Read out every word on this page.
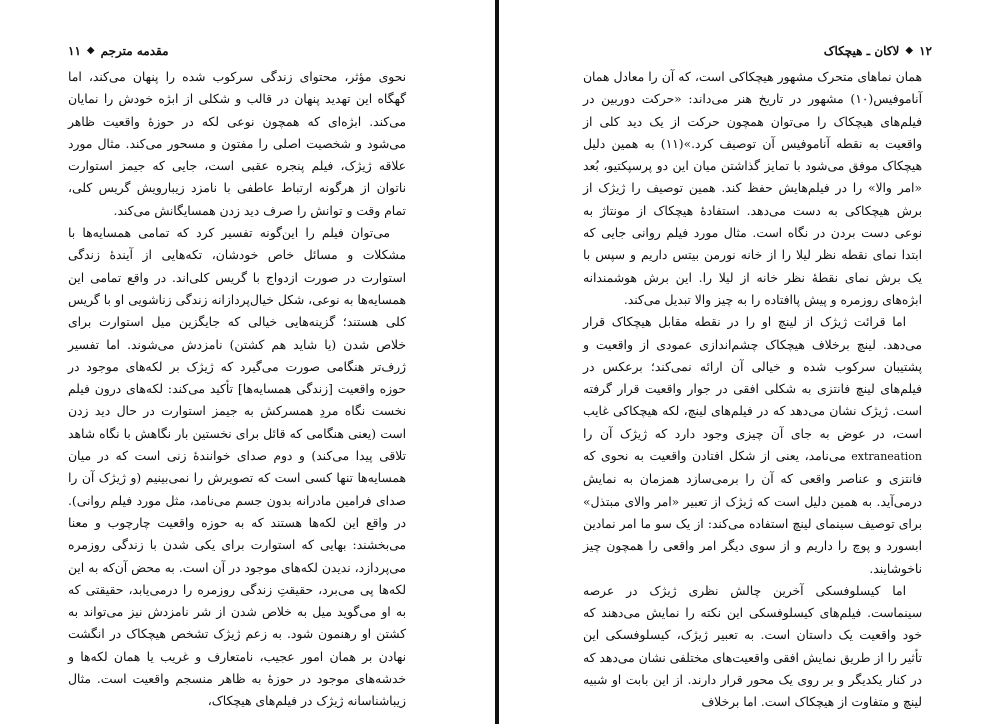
مقدمه مترجم
◆
۱۱

نحوی مؤثر، محتوای زندگی سرکوب شده را پنهان می‌کند، اما گهگاه این تهدید پنهان در قالب و شکلی از ابژه خودش را نمایان می‌کند. ابژه‌ای که همچون نوعی لکه در حوزهٔ واقعیت ظاهر می‌شود و شخصیت اصلی را مفتون و مسحور می‌کند. مثال مورد علاقه ژیژک، فیلم پنجره عقبی است، جایی که جیمز استوارت ناتوان از هرگونه ارتباط عاطفی با نامزد زیبارویش گریس کلی، تمام وقت و توانش را صرف دید زدن همسایگانش می‌کند.

می‌توان فیلم را این‌گونه تفسیر کرد که تمامی همسایه‌ها با مشکلات و مسائل خاص خودشان، تکه‌هایی از آیندهٔ زندگی استوارت در صورت ازدواج با گریس کلی‌اند. در واقع تمامی این همسایه‌ها به نوعی، شکل خیال‌پردازانه زندگی زناشویی او با گریس کلی هستند؛ گزینه‌هایی خیالی که جایگزین میل استوارت برای خلاص شدن (یا شاید هم کشتن) نامزدش می‌شوند. اما تفسیر ژرف‌تر هنگامی صورت می‌گیرد که ژیژک بر لکه‌های موجود در حوزه واقعیت [زندگی همسایه‌ها] تأکید می‌کند: لکه‌های درون فیلم نخست نگاه مردِ همسرکش به جیمز استوارت در حال دید زدن است (یعنی هنگامی که قائل برای نخستین بار نگاهش با نگاه شاهد تلاقی پیدا می‌کند) و دوم صدای خوانندهٔ زنی است که در میان همسایه‌ها تنها کسی است که تصویرش را نمی‌بینیم (و ژیژک آن را صدای فرامین مادرانه بدون جسم می‌نامد، مثل مورد فیلم روانی). در واقع این لکه‌ها هستند که به حوزه واقعیت چارچوب و معنا می‌بخشند: بهایی که استوارت برای یکی شدن با زندگی روزمره می‌پردازد، ندیدن لکه‌های موجود در آن است. به محض آن‌که به این لکه‌ها پی می‌برد، حقیقتِ زندگی روزمره را درمی‌یابد، حقیقتی که به او می‌گوید میل به خلاص شدن از شر نامزدش نیز می‌تواند به کشتن او رهنمون شود. به زعم ژیژک تشخص هیچکاک در انگشت نهادن بر همان امور عجیب، نامتعارف و غریب یا همان لکه‌ها و خدشه‌های موجود در حوزهٔ به ظاهر منسجم واقعیت است. مثال زیباشناسانه ژیژک در فیلم‌های هیچکاک،

۱۲
◆
لاکان ـ هیچکاک

همان نماهای متحرک مشهور هیچکاکی است، که آن را معادل همان آناموفیس(۱۰) مشهور در تاریخ هنر می‌داند: «حرکت دوربین در فیلم‌های هیچکاک را می‌توان همچون حرکت از یک دید کلی از واقعیت به نقطه آناموفیس آن توصیف کرد.»(۱۱) به همین دلیل هیچکاک موفق می‌شود با تمایز گذاشتن میان این دو پرسپکتیو، بُعد «امر والا» را در فیلم‌هایش حفظ کند. همین توصیف را ژیژک از برش هیچکاکی به دست می‌دهد. استفادهٔ هیچکاک از مونتاژ به نوعی دست بردن در نگاه است. مثال مورد فیلم روانی جایی که ابتدا نمای نقطه نظر لیلا را از خانه نورمن بیتس داریم و سپس با یک برش نمای نقطهٔ نظر خانه از لیلا را. این برش هوشمندانه ابژه‌های روزمره و پیش پاافتاده را به چیز والا تبدیل می‌کند.

اما قرائت ژیژک از لینچ او را در نقطه مقابل هیچکاک قرار می‌دهد. لینچ برخلاف هیچکاک چشم‌اندازی عمودی از واقعیت و پشتیبان سرکوب شده و خیالی آن ارائه نمی‌کند؛ برعکس در فیلم‌های لینچ فانتزی به شکلی افقی در جوار واقعیت قرار گرفته است. ژیژک نشان می‌دهد که در فیلم‌های لینچ، لکه هیچکاکی غایب است، در عوض به جای آن چیزی وجود دارد که ژیژک آن را extraneation می‌نامد، یعنی از شکل افتادن واقعیت به نحوی که فانتزی و عناصر واقعی که آن را برمی‌سازد همزمان به نمایش درمی‌آید. به همین دلیل است که ژیژک از تعبیر «امر والای مبتذل» برای توصیف سینمای لینچ استفاده می‌کند: از یک سو ما امر نمادین ابسورد و پوچ را داریم و از سوی دیگر امر واقعی را همچون چیز ناخوشایند.

اما کیسلوفسکی آخرین چالش نظری ژیژک در عرصه سینماست. فیلم‌های کیسلوفسکی این نکته را نمایش می‌دهند که خود واقعیت یک داستان است. به تعبیر ژیژک، کیسلوفسکی این تأثیر را از طریق نمایش افقی واقعیت‌های مختلفی نشان می‌دهد که در کنار یکدیگر و بر روی یک محور قرار دارند. از این بابت او شبیه لینچ و متفاوت از هیچکاک است. اما برخلاف
